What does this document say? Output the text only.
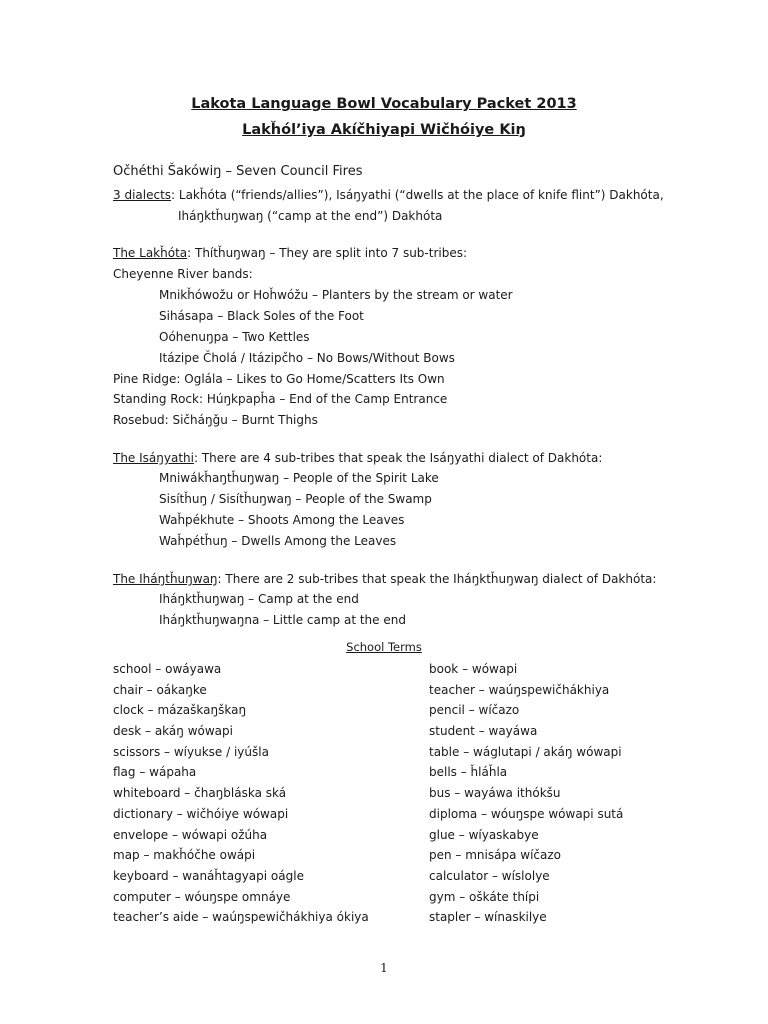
Lakota Language Bowl Vocabulary Packet 2013
Lakȟól’iya Akíčhiyapi Wičhóiye Kiŋ
Očhéthi Šakówiŋ – Seven Council Fires
3 dialects: Lakȟóta (“friends/allies”), Isáŋyathi (“dwells at the place of knife flint”) Dakhóta,
Iháŋktȟuŋwaŋ (“camp at the end”) Dakhóta
The Lakȟóta: Thítȟuŋwaŋ – They are split into 7 sub-tribes:
Cheyenne River bands:
Mnikȟówožu or Hoȟwóžu – Planters by the stream or water
Sihásapa – Black Soles of the Foot
Oóhenuŋpa – Two Kettles
Itázipe Čholá / Itázipčho – No Bows/Without Bows
Pine Ridge: Oglála – Likes to Go Home/Scatters Its Own
Standing Rock: Húŋkpapȟa – End of the Camp Entrance
Rosebud: Sičháŋǧu – Burnt Thighs
The Isáŋyathi: There are 4 sub-tribes that speak the Isáŋyathi dialect of Dakhóta:
Mniwákȟaŋtȟuŋwaŋ – People of the Spirit Lake
Sisítȟuŋ / Sisítȟuŋwaŋ – People of the Swamp
Waȟpékhute – Shoots Among the Leaves
Waȟpétȟuŋ – Dwells Among the Leaves
The Iháŋtȟuŋwaŋ: There are 2 sub-tribes that speak the Iháŋktȟuŋwaŋ dialect of Dakhóta:
Iháŋktȟuŋwaŋ – Camp at the end
Iháŋktȟuŋwaŋna – Little camp at the end
School Terms
school – owáyawa
chair – oákaŋke
clock – mázaškaŋškaŋ
desk – akáŋ wówapi
scissors – wíyukse / iyúšla
flag – wápaha
whiteboard – čhaŋbláska ská
dictionary – wičhóiye wówapi
envelope – wówapi ožúha
map – makȟóčhe owápi
keyboard – wanáȟtagyapi oágle
computer – wóuŋspe omnáye
teacher’s aide – waúŋspewičhákhiya ókiya
book – wówapi
teacher – waúŋspewičhákhiya
pencil – wíčazo
student – wayáwa
table – wáglutapi / akáŋ wówapi
bells – ȟláȟla
bus – wayáwa ithókšu
diploma – wóuŋspe wówapi sutá
glue – wíyaskabye
pen – mnisápa wíčazo
calculator – wíslolye
gym – oškáte thípi
stapler – wínaskilye
1
